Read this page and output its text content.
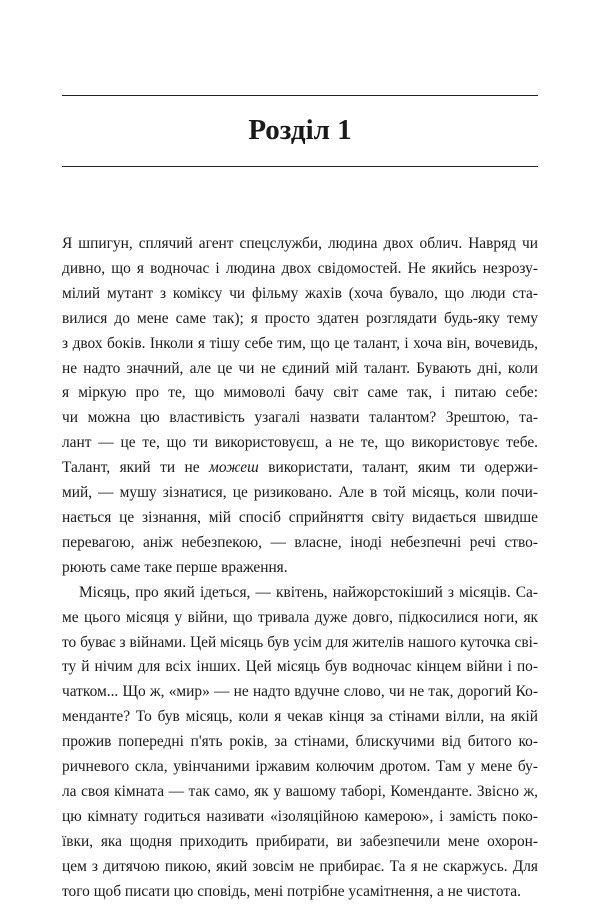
Розділ 1
Я шпигун, сплячий агент спецслужби, людина двох облич. Навряд чи
дивно, що я водночас і людина двох свідомостей. Не якийсь незрозу-
мілий мутант з коміксу чи фільму жахів (хоча бувало, що люди ста-
вилися до мене саме так); я просто здатен розглядати будь-яку тему
з двох боків. Інколи я тішу себе тим, що це талант, і хоча він, вочевидь,
не надто значний, але це чи не єдиний мій талант. Бувають дні, коли
я міркую про те, що мимоволі бачу світ саме так, і питаю себе:
чи можна цю властивість узагалі назвати талантом? Зрештою, та-
лант — це те, що ти використовуєш, а не те, що використовує тебе.
Талант, який ти не можеш використати, талант, яким ти одержи-
мий, — мушу зізнатися, це ризиковано. Але в той місяць, коли почи-
нається це зізнання, мій спосіб сприйняття світу видається швидше
перевагою, аніж небезпекою, — власне, іноді небезпечні речі ство-
рюють саме таке перше враження.
Місяць, про який ідеться, — квітень, найжорстокіший з місяців. Са-
ме цього місяця у війни, що тривала дуже довго, підкосилися ноги, як
то буває з війнами. Цей місяць був усім для жителів нашого куточка сві-
ту й нічим для всіх інших. Цей місяць був водночас кінцем війни і по-
чатком... Що ж, «мир» — не надто вдучне слово, чи не так, дорогий Ко-
менданте? То був місяць, коли я чекав кінця за стінами вілли, на якій
прожив попередні п'ять років, за стінами, блискучими від битого ко-
ричневого скла, увінчаними іржавим колючим дротом. Там у мене бу-
ла своя кімната — так само, як у вашому таборі, Коменданте. Звісно ж,
цю кімнату годиться називати «ізоляційною камерою», і замість поко-
ївки, яка щодня приходить прибирати, ви забезпечили мене охорон-
цем з дитячою пикою, який зовсім не прибирає. Та я не скаржусь. Для
того щоб писати цю сповідь, мені потрібне усамітнення, а не чистота.
